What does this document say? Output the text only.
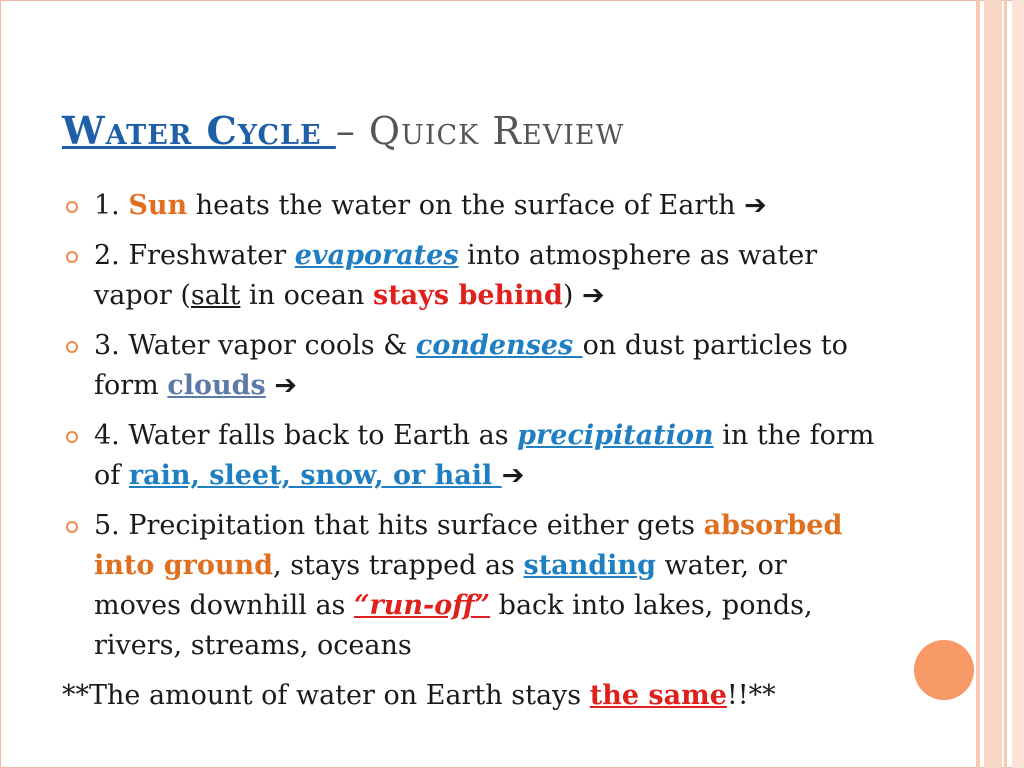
Water Cycle – Quick Review
1. Sun heats the water on the surface of Earth ➔
2. Freshwater evaporates into atmosphere as water vapor (salt in ocean stays behind) ➔
3. Water vapor cools & condenses on dust particles to form clouds ➔
4. Water falls back to Earth as precipitation in the form of rain, sleet, snow, or hail ➔
5. Precipitation that hits surface either gets absorbed into ground, stays trapped as standing water, or moves downhill as “run-off” back into lakes, ponds, rivers, streams, oceans
**The amount of water on Earth stays the same!!**
